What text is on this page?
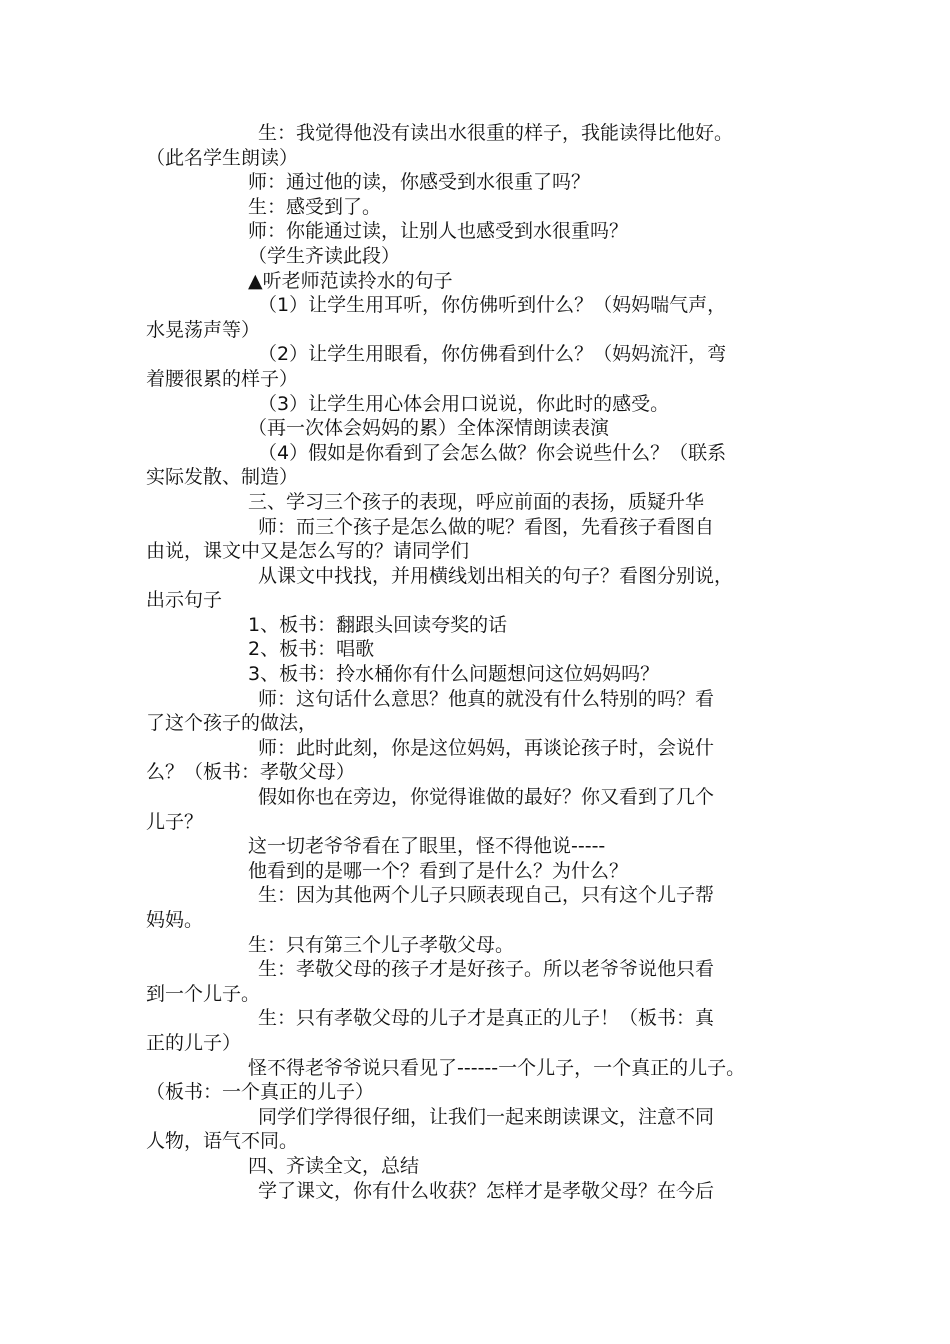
生：我觉得他没有读出水很重的样子，我能读得比他好。
（此名学生朗读）
师：通过他的读，你感受到水很重了吗？
生：感受到了。
师：你能通过读，让别人也感受到水很重吗？
（学生齐读此段）
▲听老师范读拎水的句子
（1）让学生用耳听，你仿佛听到什么？（妈妈喘气声，
水晃荡声等）
（2）让学生用眼看，你仿佛看到什么？（妈妈流汗，弯
着腰很累的样子）
（3）让学生用心体会用口说说，你此时的感受。
（再一次体会妈妈的累）全体深情朗读表演
（4）假如是你看到了会怎么做？你会说些什么？（联系
实际发散、制造）
三、学习三个孩子的表现，呼应前面的表扬，质疑升华
师：而三个孩子是怎么做的呢？看图，先看孩子看图自
由说，课文中又是怎么写的？请同学们
从课文中找找，并用横线划出相关的句子？看图分别说，
出示句子
1、板书：翻跟头回读夸奖的话
2、板书：唱歌
3、板书：拎水桶你有什么问题想问这位妈妈吗？
师：这句话什么意思？他真的就没有什么特别的吗？看
了这个孩子的做法，
师：此时此刻，你是这位妈妈，再谈论孩子时，会说什
么？（板书：孝敬父母）
假如你也在旁边，你觉得谁做的最好？你又看到了几个
儿子？
这一切老爷爷看在了眼里，怪不得他说-----
他看到的是哪一个？看到了是什么？为什么？
生：因为其他两个儿子只顾表现自己，只有这个儿子帮
妈妈。
生：只有第三个儿子孝敬父母。
生：孝敬父母的孩子才是好孩子。所以老爷爷说他只看
到一个儿子。
生：只有孝敬父母的儿子才是真正的儿子！（板书：真
正的儿子）
怪不得老爷爷说只看见了------一个儿子，一个真正的儿子。
（板书：一个真正的儿子）
同学们学得很仔细，让我们一起来朗读课文，注意不同
人物，语气不同。
四、齐读全文，总结
学了课文，你有什么收获？怎样才是孝敬父母？在今后
